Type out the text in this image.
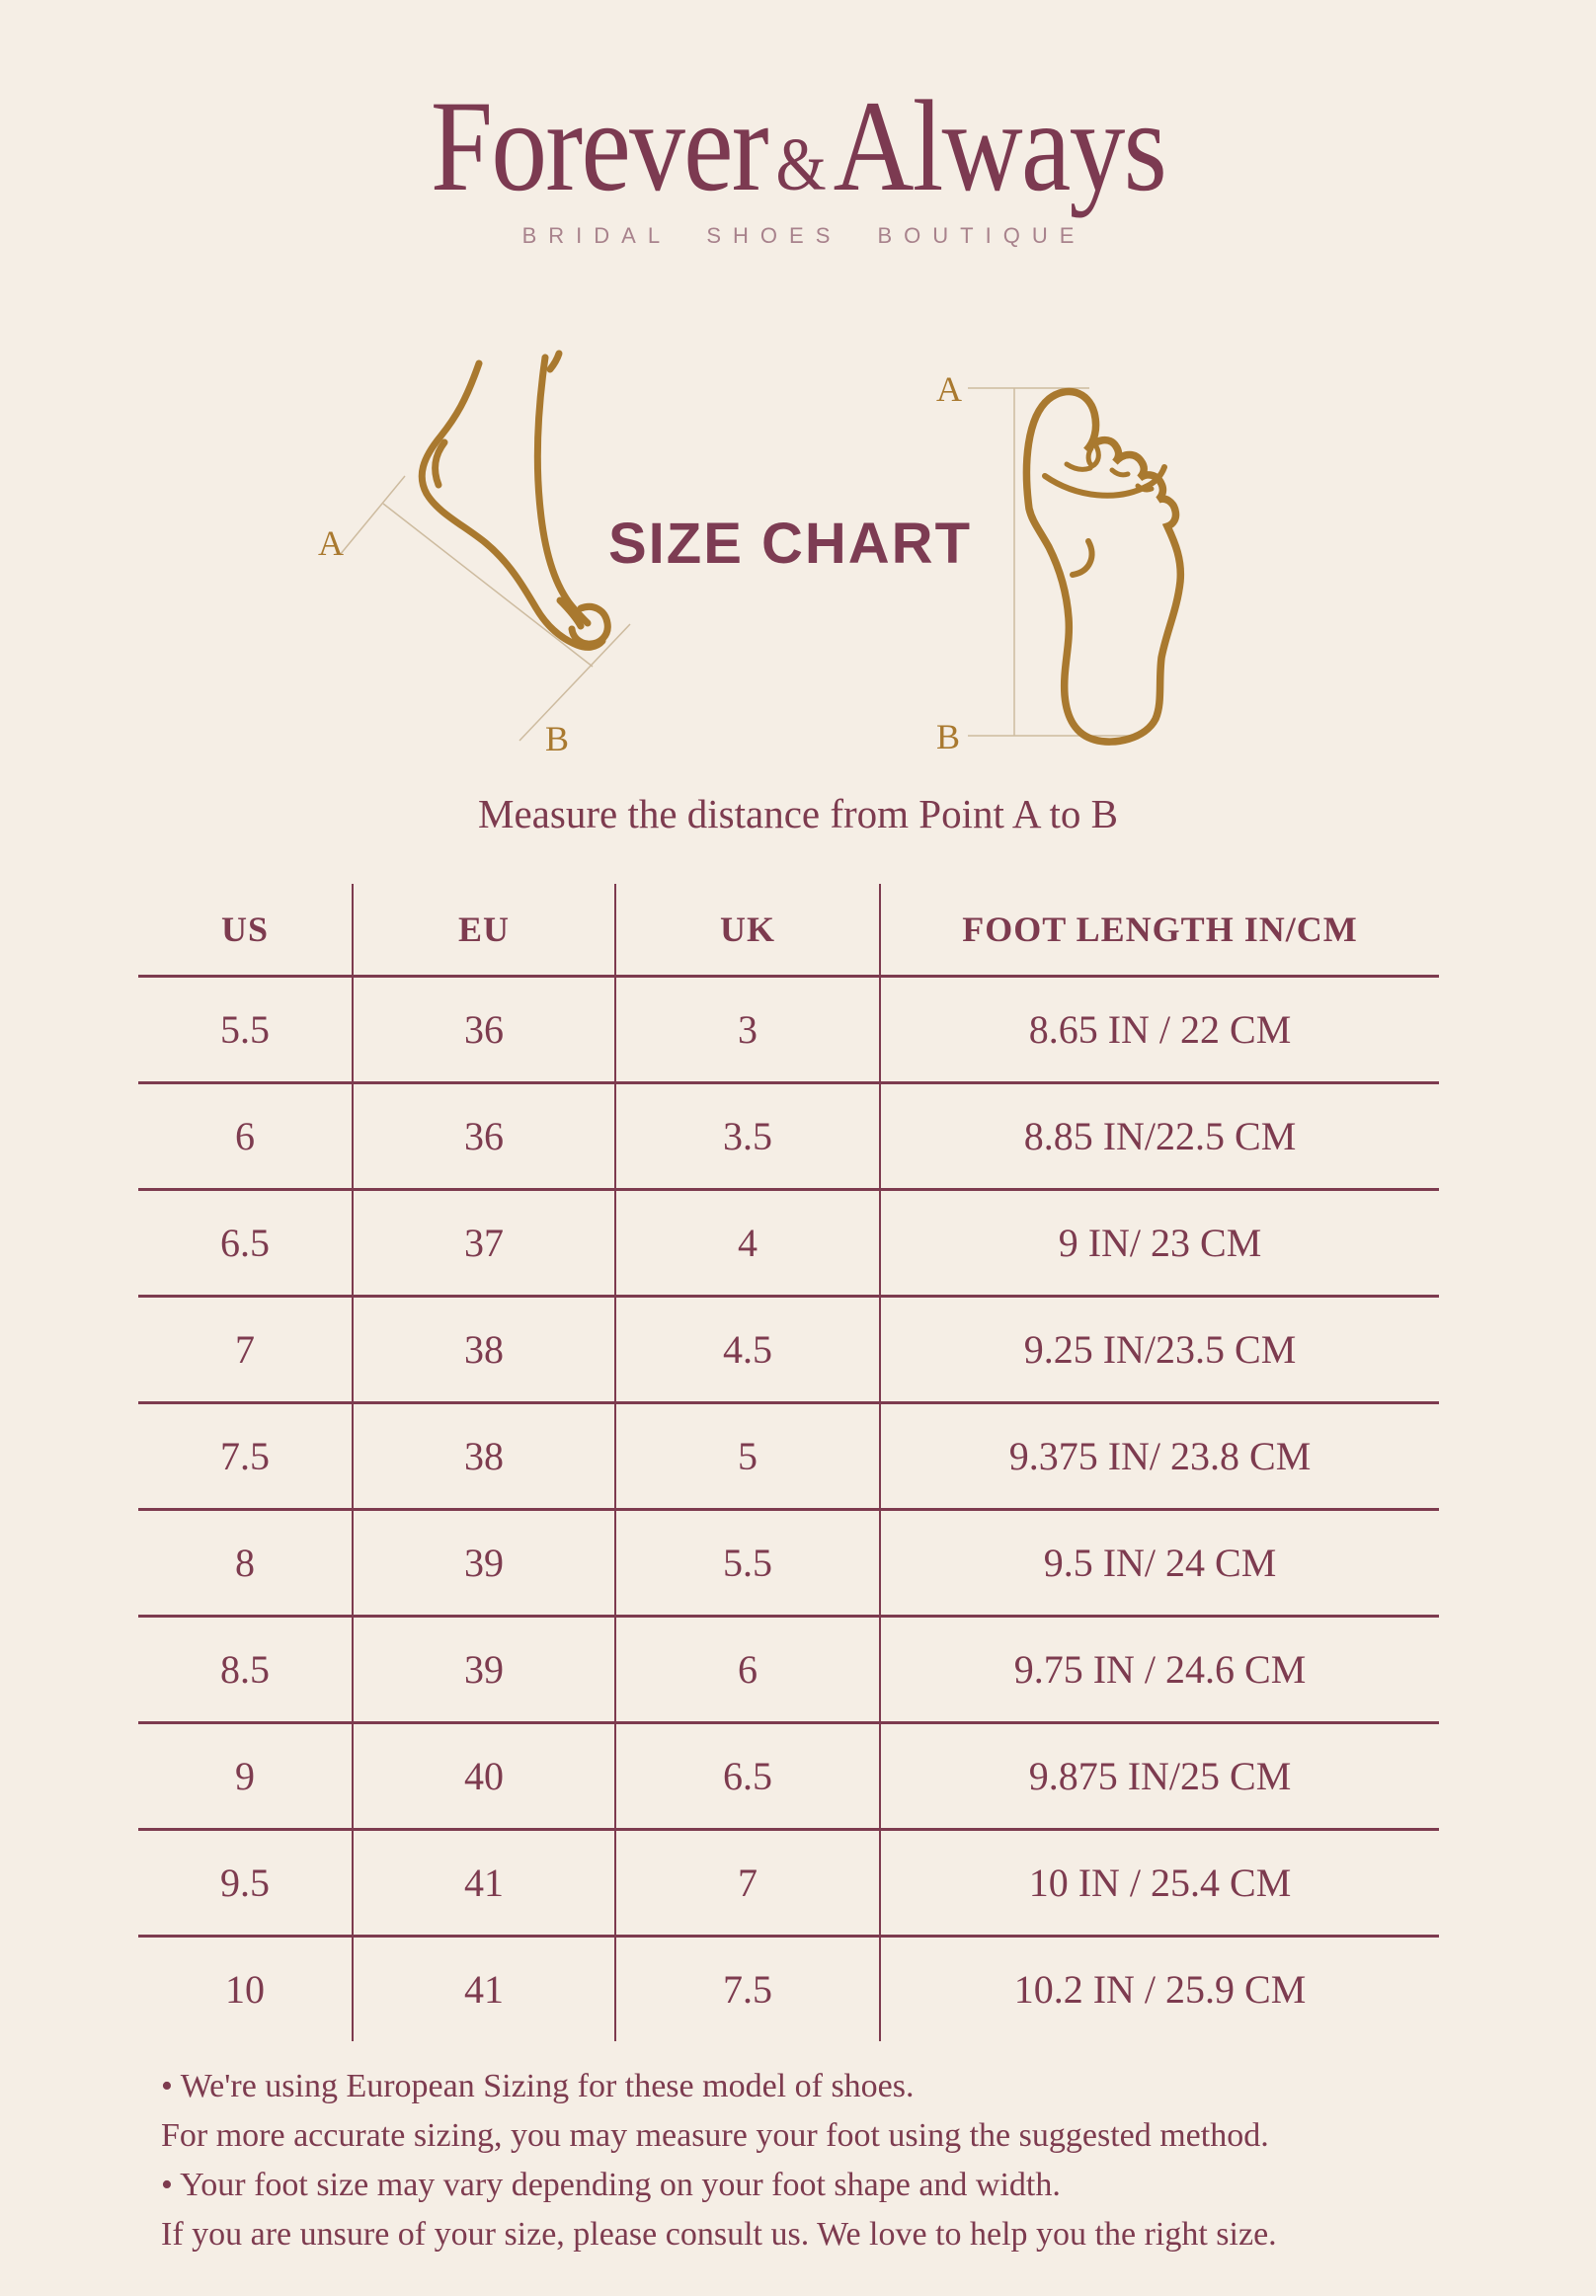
Forever &Always
BRIDAL SHOES BOUTIQUE
A
B
SIZE CHART
A
B
Measure the distance from Point A to B
US	EU	UK	FOOT LENGTH IN/CM
5.5	36	3	8.65 IN / 22 CM
6	36	3.5	8.85 IN/22.5 CM
6.5	37	4	9 IN/ 23 CM
7	38	4.5	9.25 IN/23.5 CM
7.5	38	5	9.375 IN/ 23.8 CM
8	39	5.5	9.5 IN/ 24 CM
8.5	39	6	9.75 IN / 24.6 CM
9	40	6.5	9.875 IN/25 CM
9.5	41	7	10 IN / 25.4 CM
10	41	7.5	10.2 IN / 25.9 CM
• We're using European Sizing for these model of shoes.
For more accurate sizing, you may measure your foot using the suggested method.
• Your foot size may vary depending on your foot shape and width.
If you are unsure of your size, please consult us. We love to help you the right size.
